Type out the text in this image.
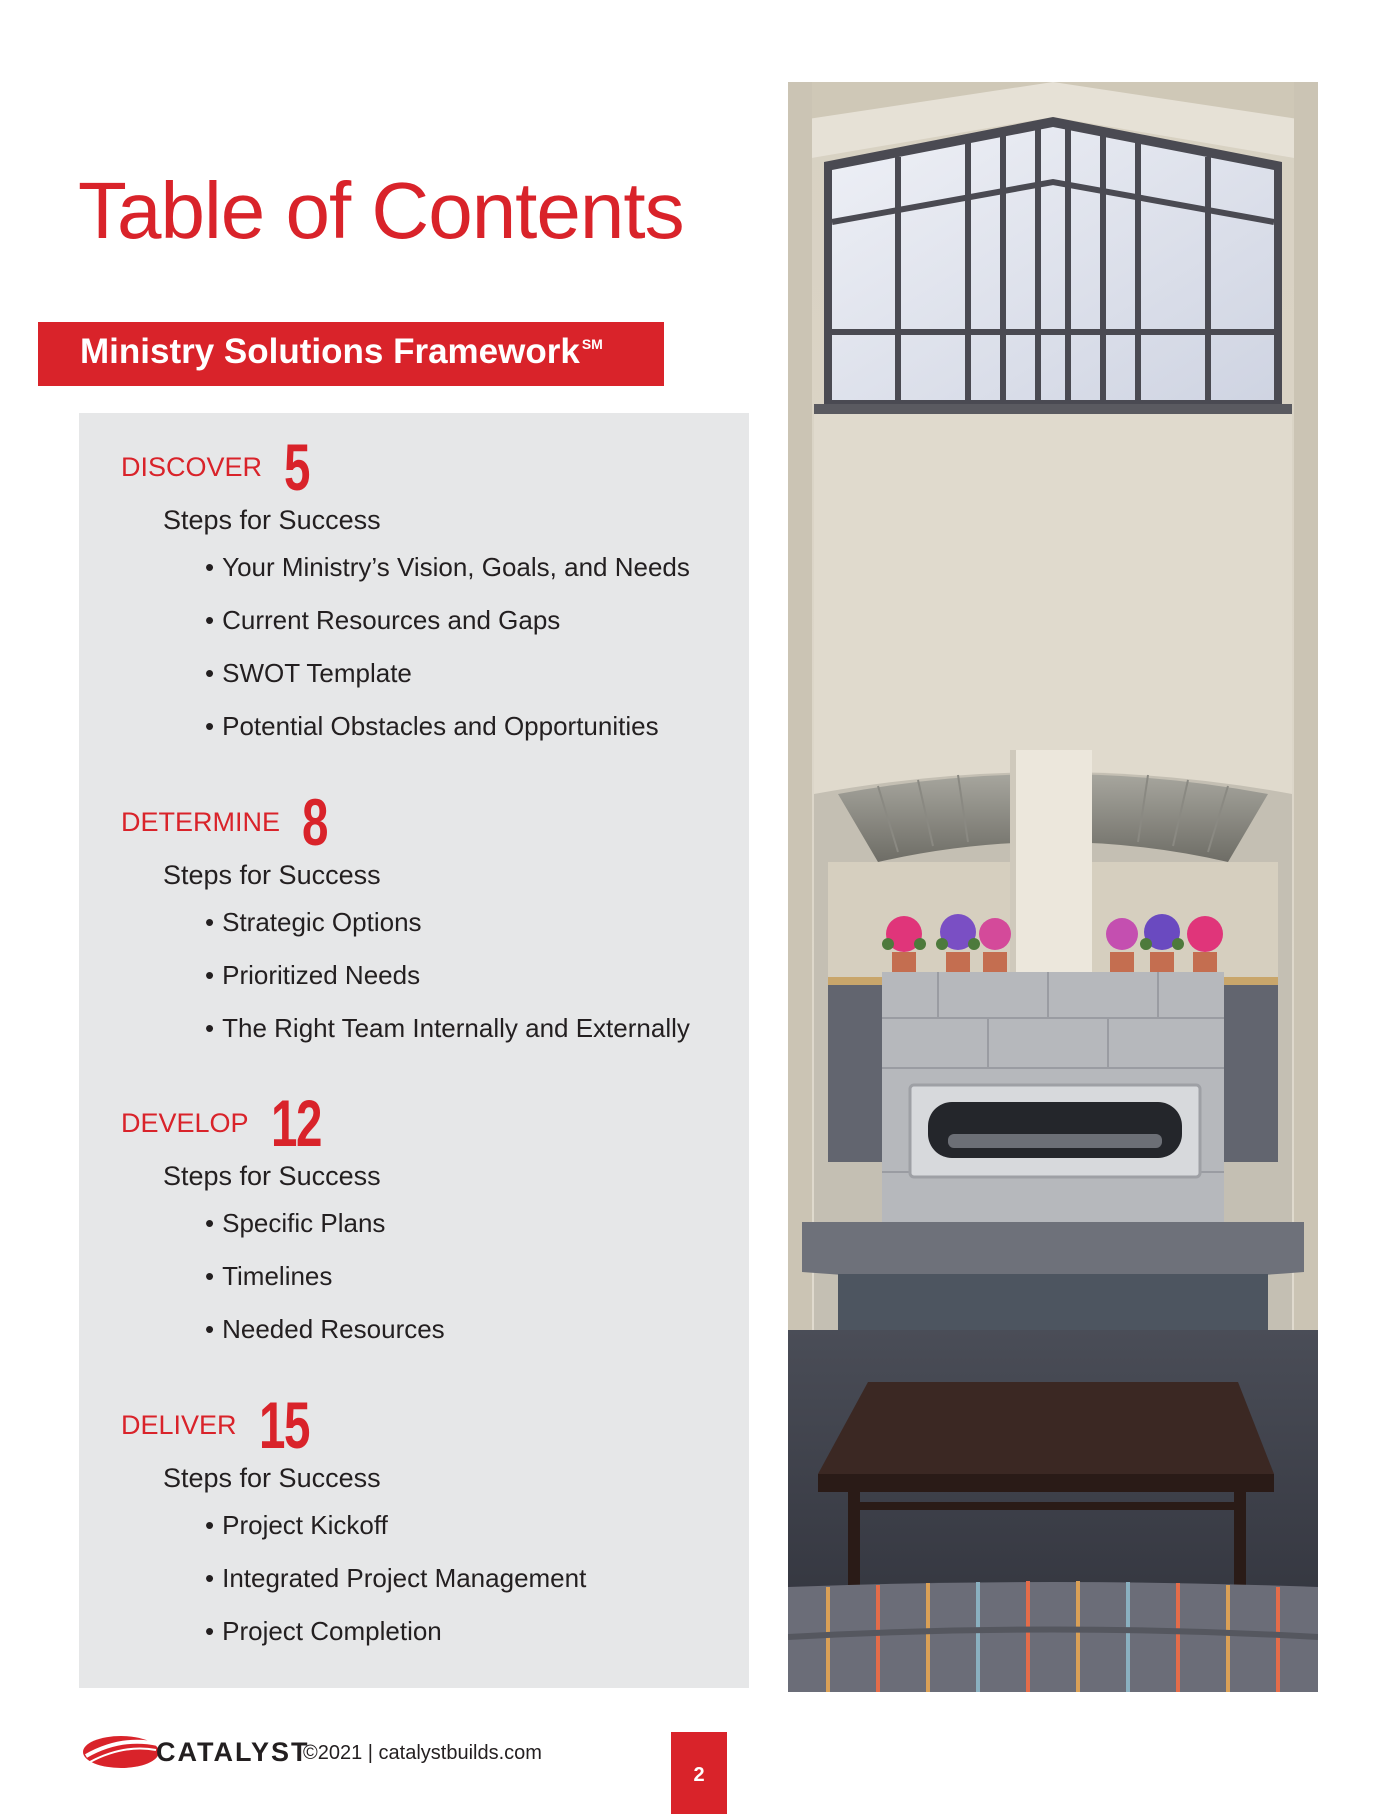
Table of Contents
Ministry Solutions Framework ℠
DISCOVER 5
Steps for Success
• Your Ministry’s Vision, Goals, and Needs
• Current Resources and Gaps
• SWOT Template
• Potential Obstacles and Opportunities
DETERMINE 8
Steps for Success
• Strategic Options
• Prioritized Needs
• The Right Team Internally and Externally
DEVELOP 12
Steps for Success
• Specific Plans
• Timelines
• Needed Resources
DELIVER 15
Steps for Success
• Project Kickoff
• Integrated Project Management
• Project Completion
CATALYST
©2021 | catalystbuilds.com
2
